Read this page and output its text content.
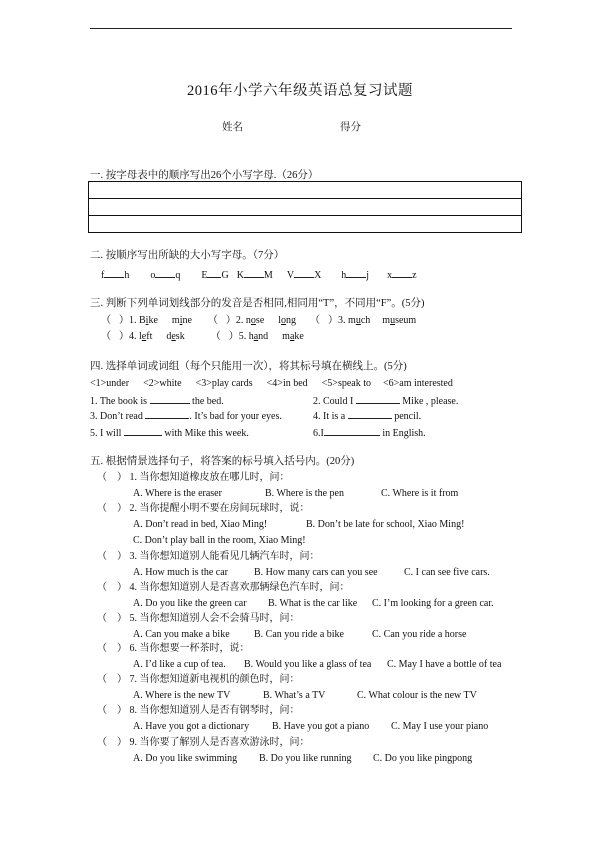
2016年小学六年级英语总复习试题
姓名	得分
一. 按字母表中的顺序写出26个小写字母.（26分）
二. 按顺序写出所缺的大小写字母。（7分）
f h o q E G K M V X h j x z
三. 判断下列单词划线部分的发音是否相同,相同用“T”，不同用“F”。(5分)
（ ）1. Bike mine （ ）2. nose long （ ）3. much museum
（ ）4. left desk	（ ）5. hand make
四. 选择单词或词组（每个只能用一次），将其标号填在横线上。(5分)
<1>under <2>white <3>play cards <4>in bed <5>speak to <6>am interested
1. The book is	the bed.	2. Could I	Mike , please.
3. Don’t read	. It’s bad for your eyes.	4. It is a	pencil.
5. I will	with Mike this week.	6.I	in English.
五. 根据情景选择句子，将答案的标号填入括号内。(20分)
（ ） 1. 当你想知道橡皮放在哪儿时，问：
A. Where is the eraser	B. Where is the pen	C. Where is it from
（ ） 2. 当你提醒小明不要在房间玩球时，说：
A. Don’t read in bed, Xiao Ming!	B. Don’t be late for school, Xiao Ming!
C. Don’t play ball in the room, Xiao Ming!
（ ） 3. 当你想知道别人能看见几辆汽车时，问：
A. How much is the car	B. How many cars can you see	C. I can see five cars.
（ ） 4. 当你想知道别人是否喜欢那辆绿色汽车时，问：
A. Do you like the green car B. What is the car like C. I’m looking for a green car.
（ ） 5. 当你想知道别人会不会骑马时，问：
A. Can you make a bike B. Can you ride a bike	C. Can you ride a horse
（ ） 6. 当你想要一杯茶时，说：
A. I’d like a cup of tea. B. Would you like a glass of tea C. May I have a bottle of tea
（ ） 7. 当你想知道新电视机的颜色时，问：
A. Where is the new TV	B. What’s a TV	C. What colour is the new TV
（ ） 8. 当你想知道别人是否有钢琴时，问：
A. Have you got a dictionary B. Have you got a piano C. May I use your piano
（ ） 9. 当你要了解别人是否喜欢游泳时，问：
A. Do you like swimming B. Do you like running C. Do you like pingpong
